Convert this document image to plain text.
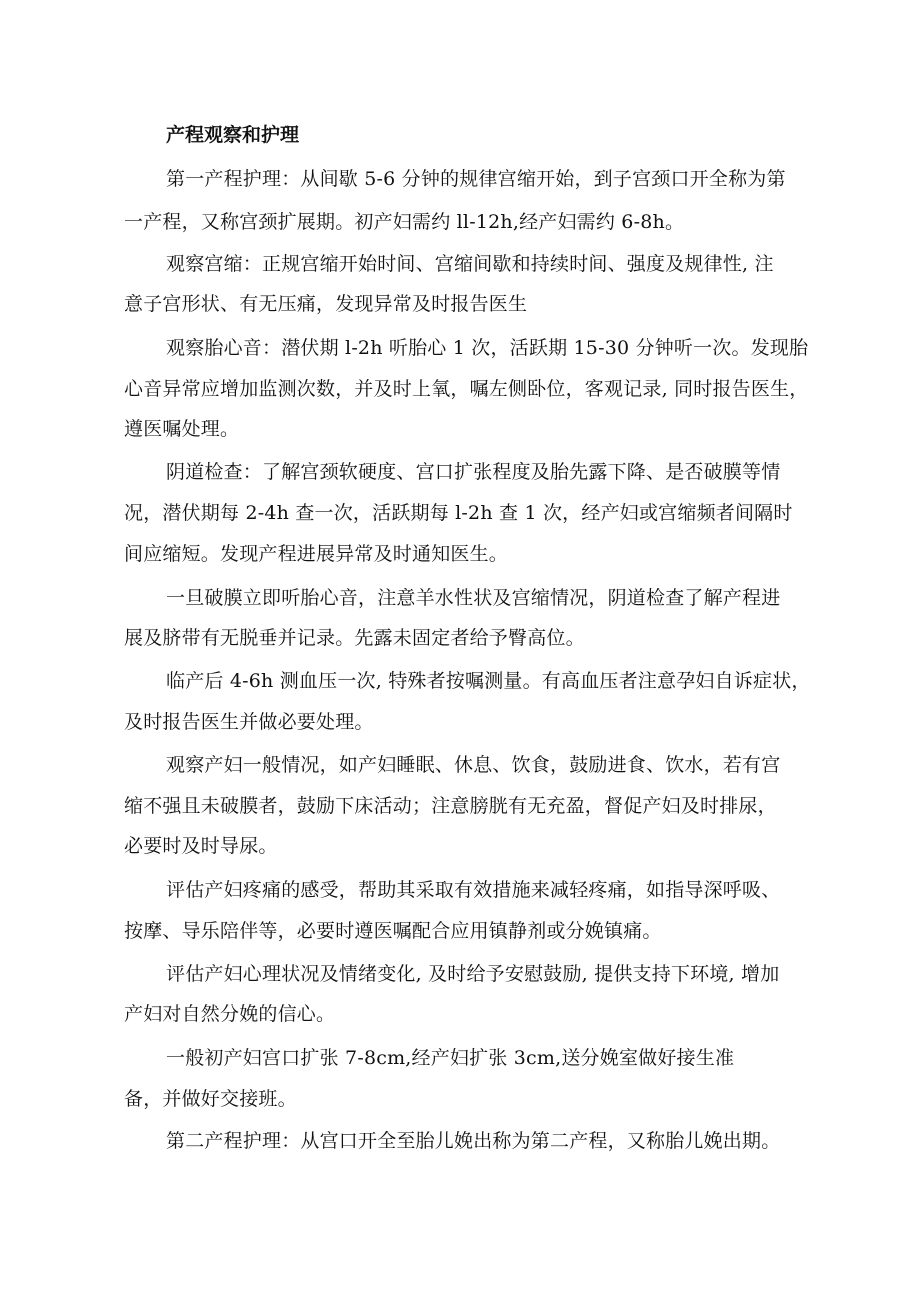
产程观察和护理
第一产程护理：从间歇 5-6 分钟的规律宫缩开始，到子宫颈口开全称为第
一产程，又称宫颈扩展期。初产妇需约 ll-12h,经产妇需约 6-8h。
观察宫缩：正规宫缩开始时间、宫缩间歇和持续时间、强度及规律性, 注
意子宫形状、有无压痛，发现异常及时报告医生
观察胎心音：潜伏期 l-2h 听胎心 1 次，活跃期 15-30 分钟听一次。发现胎
心音异常应增加监测次数，并及时上氧，嘱左侧卧位，客观记录, 同时报告医生，
遵医嘱处理。
阴道检查：了解宫颈软硬度、宫口扩张程度及胎先露下降、是否破膜等情
况，潜伏期每 2-4h 查一次，活跃期每 l-2h 查 1 次，经产妇或宫缩频者间隔时
间应缩短。发现产程进展异常及时通知医生。
一旦破膜立即听胎心音，注意羊水性状及宫缩情况，阴道检查了解产程进
展及脐带有无脱垂并记录。先露未固定者给予臀高位。
临产后 4-6h 测血压一次, 特殊者按嘱测量。有高血压者注意孕妇自诉症状，
及时报告医生并做必要处理。
观察产妇一般情况，如产妇睡眠、休息、饮食，鼓励进食、饮水，若有宫
缩不强且未破膜者，鼓励下床活动；注意膀胱有无充盈，督促产妇及时排尿，
必要时及时导尿。
评估产妇疼痛的感受，帮助其采取有效措施来减轻疼痛，如指导深呼吸、
按摩、导乐陪伴等，必要时遵医嘱配合应用镇静剂或分娩镇痛。
评估产妇心理状况及情绪变化, 及时给予安慰鼓励, 提供支持下环境, 增加
产妇对自然分娩的信心。
一般初产妇宫口扩张 7-8cm,经产妇扩张 3cm,送分娩室做好接生准
备，并做好交接班。
第二产程护理：从宫口开全至胎儿娩出称为第二产程，又称胎儿娩出期。
